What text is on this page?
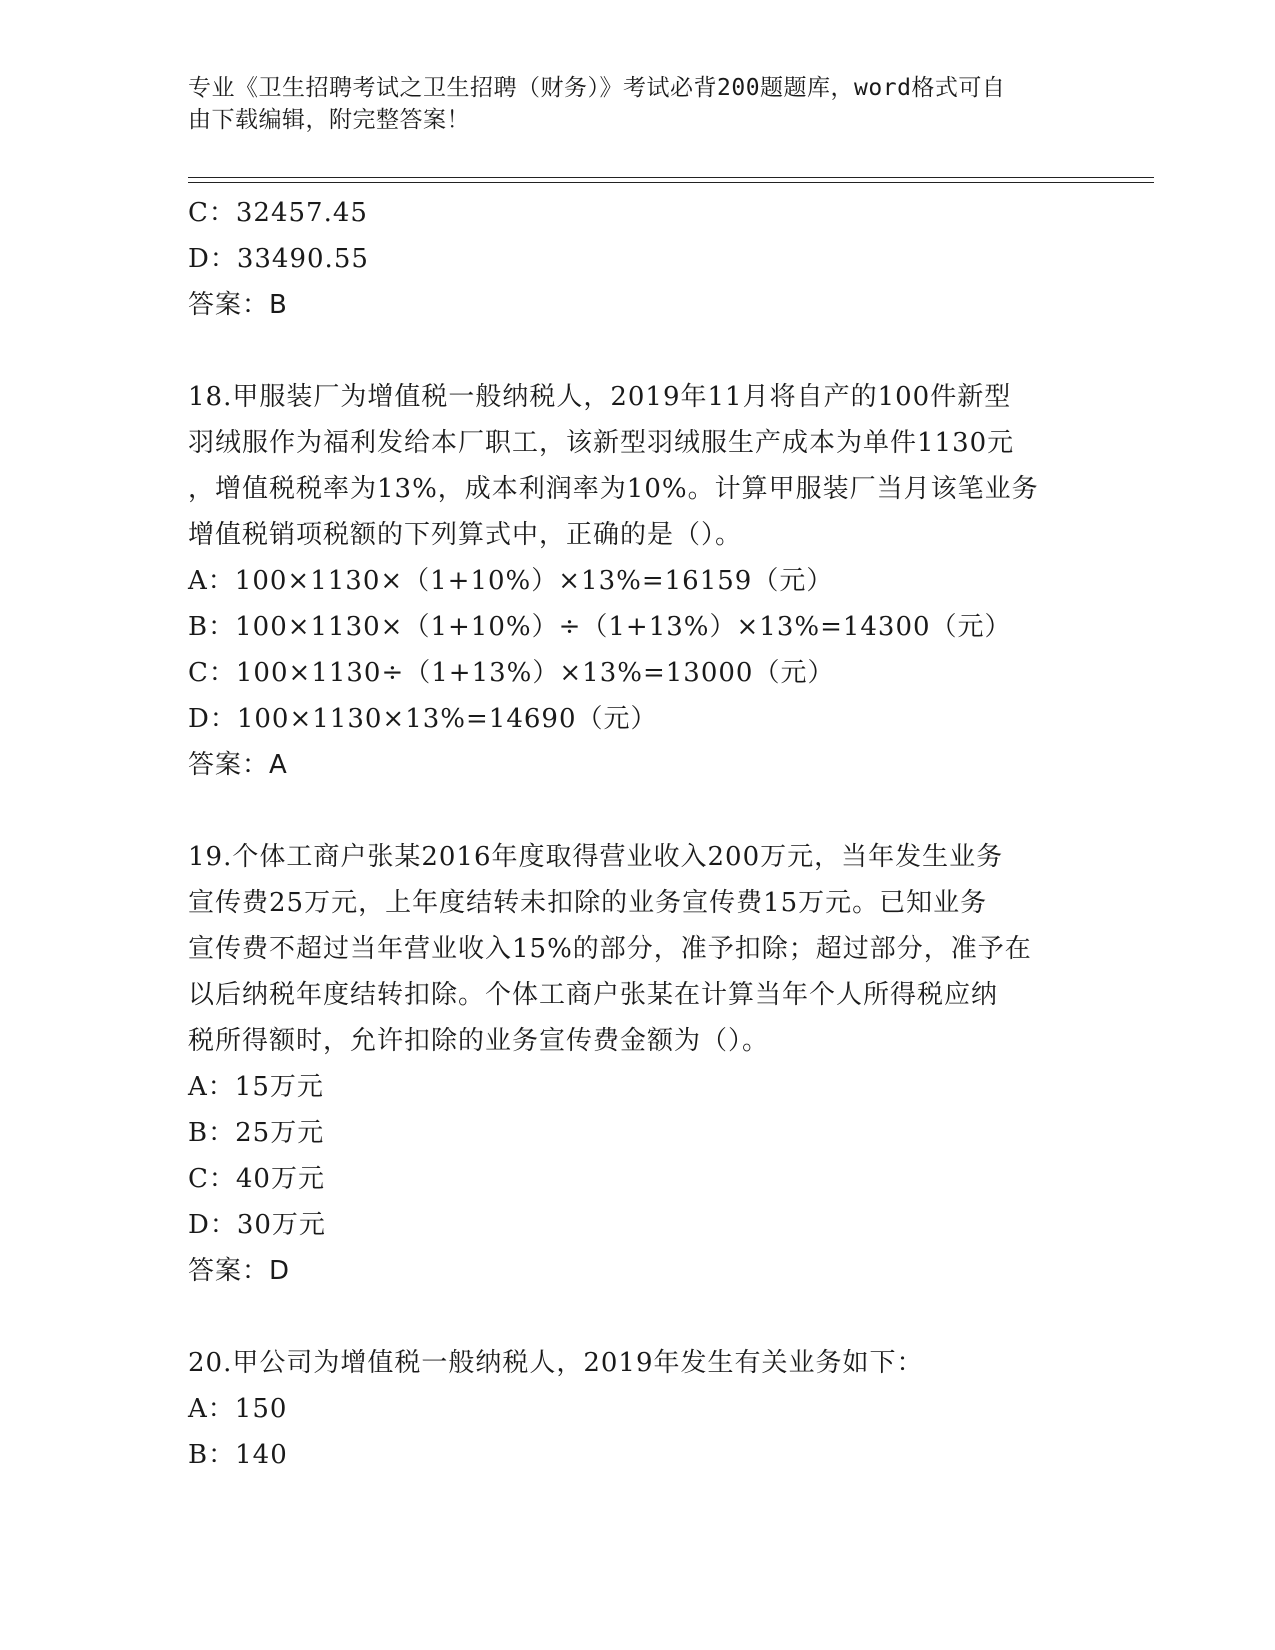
专业《卫生招聘考试之卫生招聘（财务）》考试必背200题题库，word格式可自
由下载编辑，附完整答案！
C：32457.45
D：33490.55
答案：B
18.甲服装厂为增值税一般纳税人，2019年11月将自产的100件新型
羽绒服作为福利发给本厂职工，该新型羽绒服生产成本为单件1130元
，增值税税率为13%，成本利润率为10%。计算甲服装厂当月该笔业务
增值税销项税额的下列算式中，正确的是（）。
A：100×1130×（1+10%）×13%=16159（元）
B：100×1130×（1+10%）÷（1+13%）×13%=14300（元）
C：100×1130÷（1+13%）×13%=13000（元）
D：100×1130×13%=14690（元）
答案：A
19.个体工商户张某2016年度取得营业收入200万元，当年发生业务
宣传费25万元，上年度结转未扣除的业务宣传费15万元。已知业务
宣传费不超过当年营业收入15%的部分，准予扣除；超过部分，准予在
以后纳税年度结转扣除。个体工商户张某在计算当年个人所得税应纳
税所得额时，允许扣除的业务宣传费金额为（）。
A：15万元
B：25万元
C：40万元
D：30万元
答案：D
20.甲公司为增值税一般纳税人，2019年发生有关业务如下：
A：150
B：140
